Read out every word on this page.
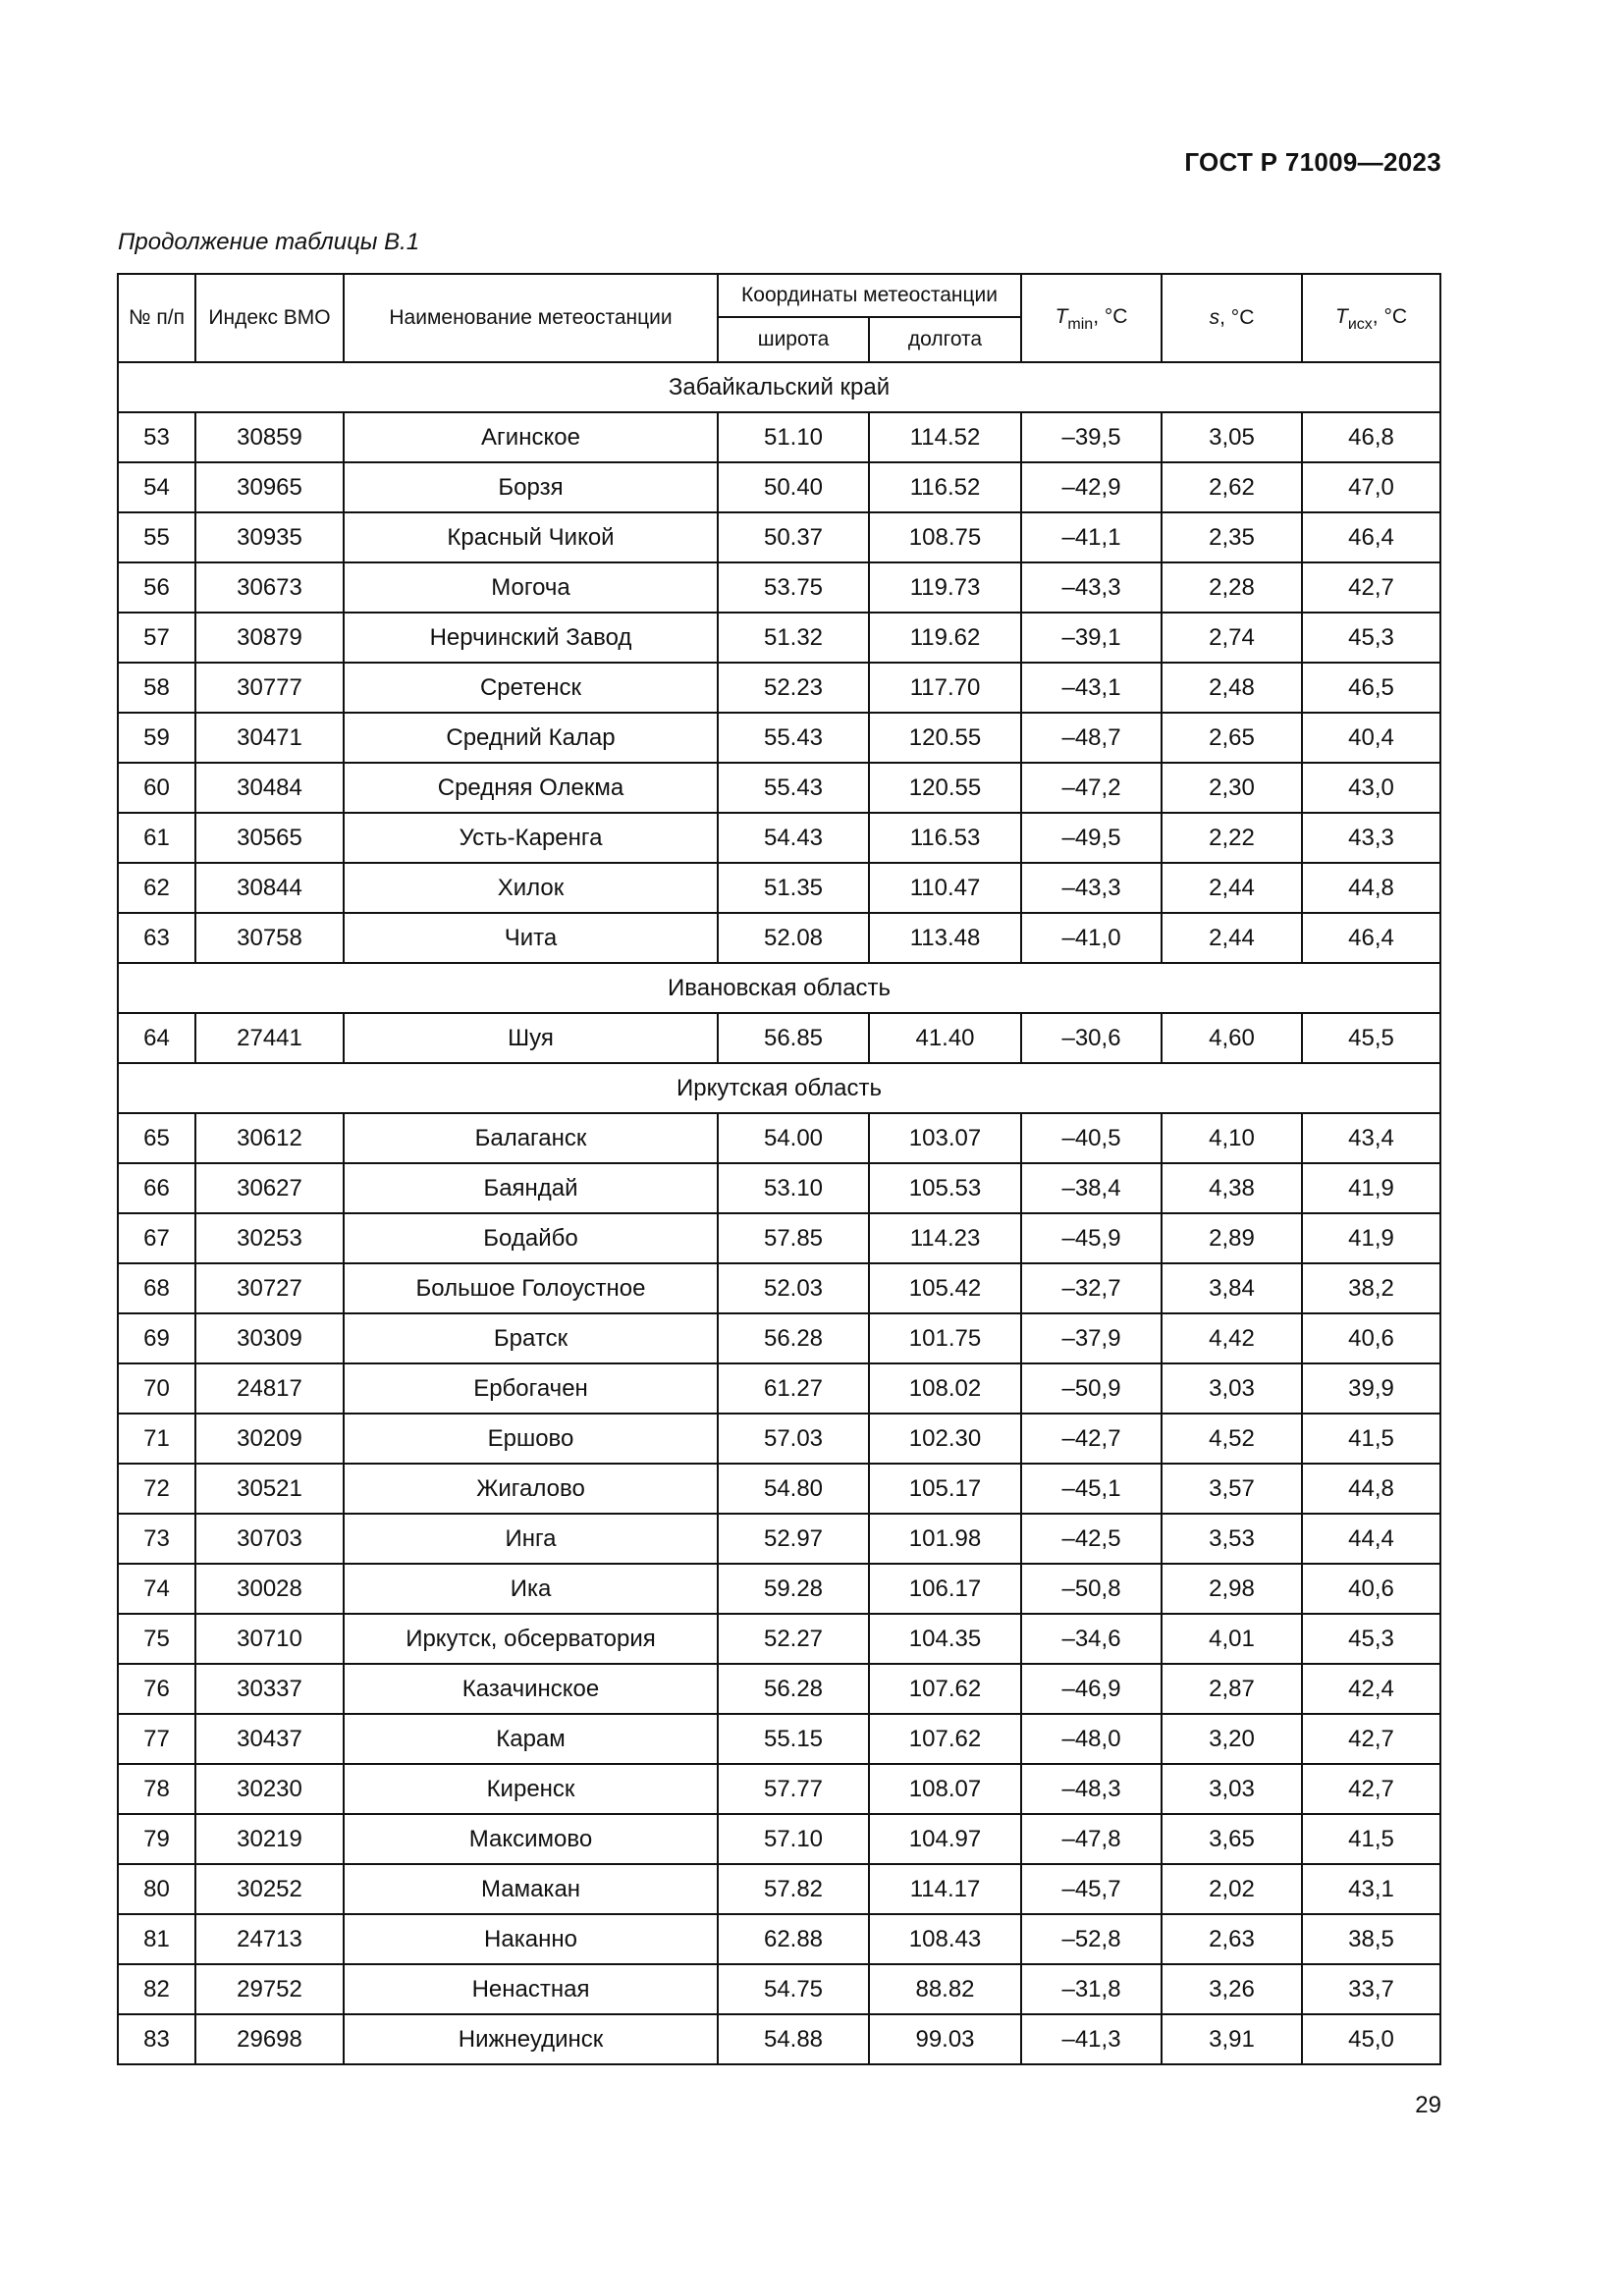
ГОСТ Р 71009—2023
Продолжение таблицы В.1
№ п/п	Индекс ВМО	Наименование метеостанции	Координаты метеостанции		$T_{min}$, °C	s, °C	$T_{исх}$, °C
			широта	долгота			
Забайкальский край							
53	30859	Агинское	51.10	114.52	–39,5	3,05	46,8
54	30965	Борзя	50.40	116.52	–42,9	2,62	47,0
55	30935	Красный Чикой	50.37	108.75	–41,1	2,35	46,4
56	30673	Могоча	53.75	119.73	–43,3	2,28	42,7
57	30879	Нерчинский Завод	51.32	119.62	–39,1	2,74	45,3
58	30777	Сретенск	52.23	117.70	–43,1	2,48	46,5
59	30471	Средний Калар	55.43	120.55	–48,7	2,65	40,4
60	30484	Средняя Олекма	55.43	120.55	–47,2	2,30	43,0
61	30565	Усть-Каренга	54.43	116.53	–49,5	2,22	43,3
62	30844	Хилок	51.35	110.47	–43,3	2,44	44,8
63	30758	Чита	52.08	113.48	–41,0	2,44	46,4
Ивановская область							
64	27441	Шуя	56.85	41.40	–30,6	4,60	45,5
Иркутская область							
65	30612	Балаганск	54.00	103.07	–40,5	4,10	43,4
66	30627	Баяндай	53.10	105.53	–38,4	4,38	41,9
67	30253	Бодайбо	57.85	114.23	–45,9	2,89	41,9
68	30727	Большое Голоустное	52.03	105.42	–32,7	3,84	38,2
69	30309	Братск	56.28	101.75	–37,9	4,42	40,6
70	24817	Ербогачен	61.27	108.02	–50,9	3,03	39,9
71	30209	Ершово	57.03	102.30	–42,7	4,52	41,5
72	30521	Жигалово	54.80	105.17	–45,1	3,57	44,8
73	30703	Инга	52.97	101.98	–42,5	3,53	44,4
74	30028	Ика	59.28	106.17	–50,8	2,98	40,6
75	30710	Иркутск, обсерватория	52.27	104.35	–34,6	4,01	45,3
76	30337	Казачинское	56.28	107.62	–46,9	2,87	42,4
77	30437	Карам	55.15	107.62	–48,0	3,20	42,7
78	30230	Киренск	57.77	108.07	–48,3	3,03	42,7
79	30219	Максимово	57.10	104.97	–47,8	3,65	41,5
80	30252	Мамакан	57.82	114.17	–45,7	2,02	43,1
81	24713	Наканно	62.88	108.43	–52,8	2,63	38,5
82	29752	Ненастная	54.75	88.82	–31,8	3,26	33,7
83	29698	Нижнеудинск	54.88	99.03	–41,3	3,91	45,0
29
